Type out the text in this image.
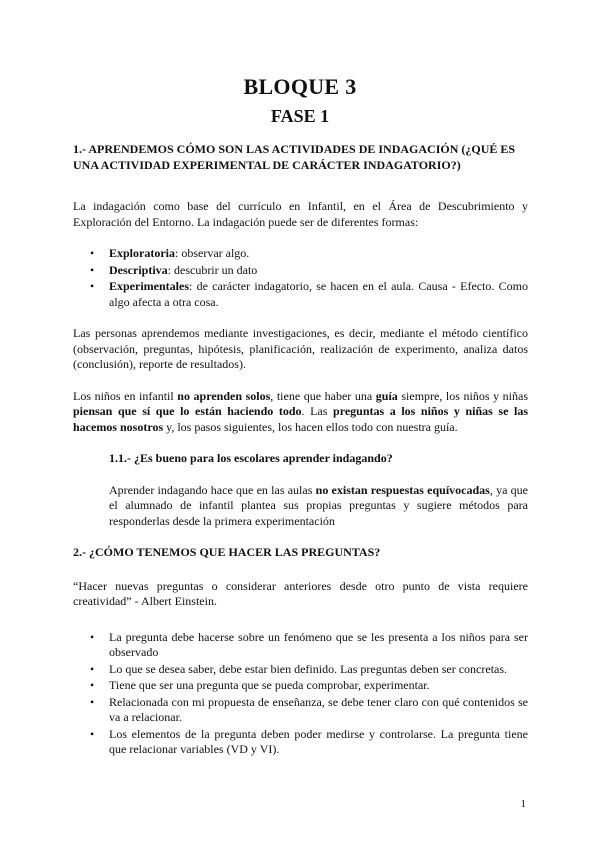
BLOQUE 3
FASE 1
1.- APRENDEMOS CÓMO SON LAS ACTIVIDADES DE INDAGACIÓN (¿QUÉ ES UNA ACTIVIDAD EXPERIMENTAL DE CARÁCTER INDAGATORIO?)

La indagación como base del currículo en Infantil, en el Área de Descubrimiento y Exploración del Entorno. La indagación puede ser de diferentes formas:

• Exploratoria: observar algo.
• Descriptiva: descubrir un dato
• Experimentales: de carácter indagatorio, se hacen en el aula. Causa - Efecto. Como algo afecta a otra cosa.

Las personas aprendemos mediante investigaciones, es decir, mediante el método científico (observación, preguntas, hipótesis, planificación, realización de experimento, analiza datos (conclusión), reporte de resultados).

Los niños en infantil no aprenden solos, tiene que haber una guía siempre, los niños y niñas piensan que sí que lo están haciendo todo. Las preguntas a los niños y niñas se las hacemos nosotros y, los pasos siguientes, los hacen ellos todo con nuestra guía.

1.1.- ¿Es bueno para los escolares aprender indagando?

Aprender indagando hace que en las aulas no existan respuestas equívocadas, ya que el alumnado de infantil plantea sus propias preguntas y sugiere métodos para responderlas desde la primera experimentación

2.- ¿CÓMO TENEMOS QUE HACER LAS PREGUNTAS?

“Hacer nuevas preguntas o considerar anteriores desde otro punto de vista requiere creatividad” - Albert Einstein.

• La pregunta debe hacerse sobre un fenómeno que se les presenta a los niños para ser observado
• Lo que se desea saber, debe estar bien definido. Las preguntas deben ser concretas.
• Tiene que ser una pregunta que se pueda comprobar, experimentar.
• Relacionada con mi propuesta de enseñanza, se debe tener claro con qué contenidos se va a relacionar.
• Los elementos de la pregunta deben poder medirse y controlarse. La pregunta tiene que relacionar variables (VD y VI).
1
